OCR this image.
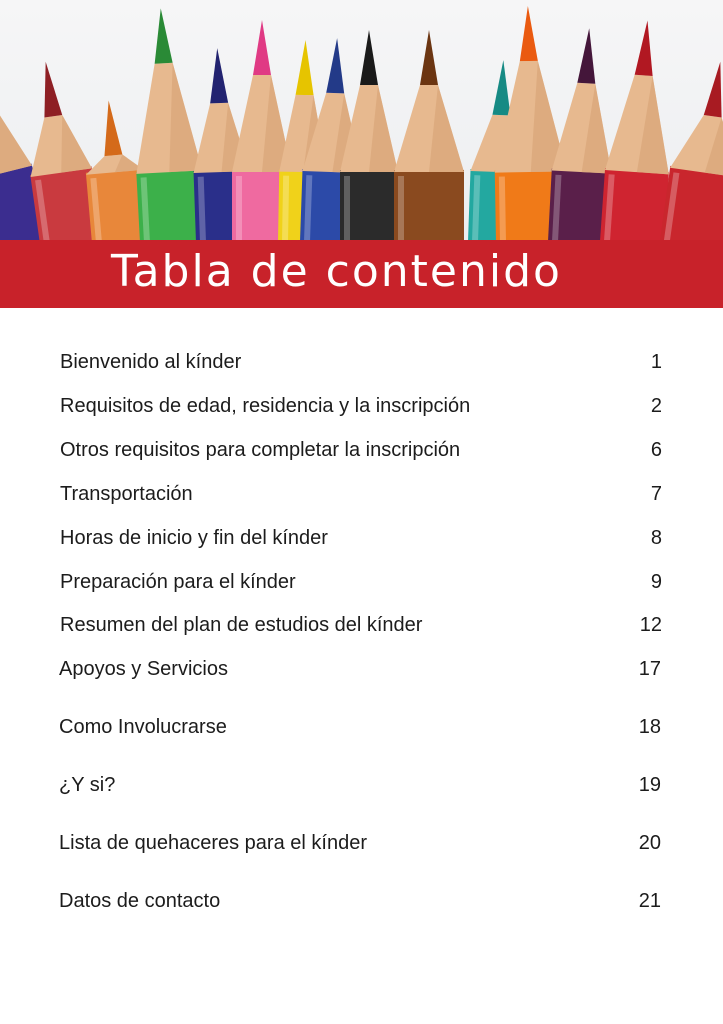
Tabla de contenido
Bienvenido al kínder	1
Requisitos de edad, residencia y la inscripción	2
Otros requisitos para completar la inscripción	6
Transportación	7
Horas de inicio y fin del kínder	8
Preparación para el kínder	9
Resumen del plan de estudios del kínder	12
Apoyos y Servicios	17
Como Involucrarse	18
¿Y si?	19
Lista de quehaceres para el kínder	20
Datos de contacto	21
